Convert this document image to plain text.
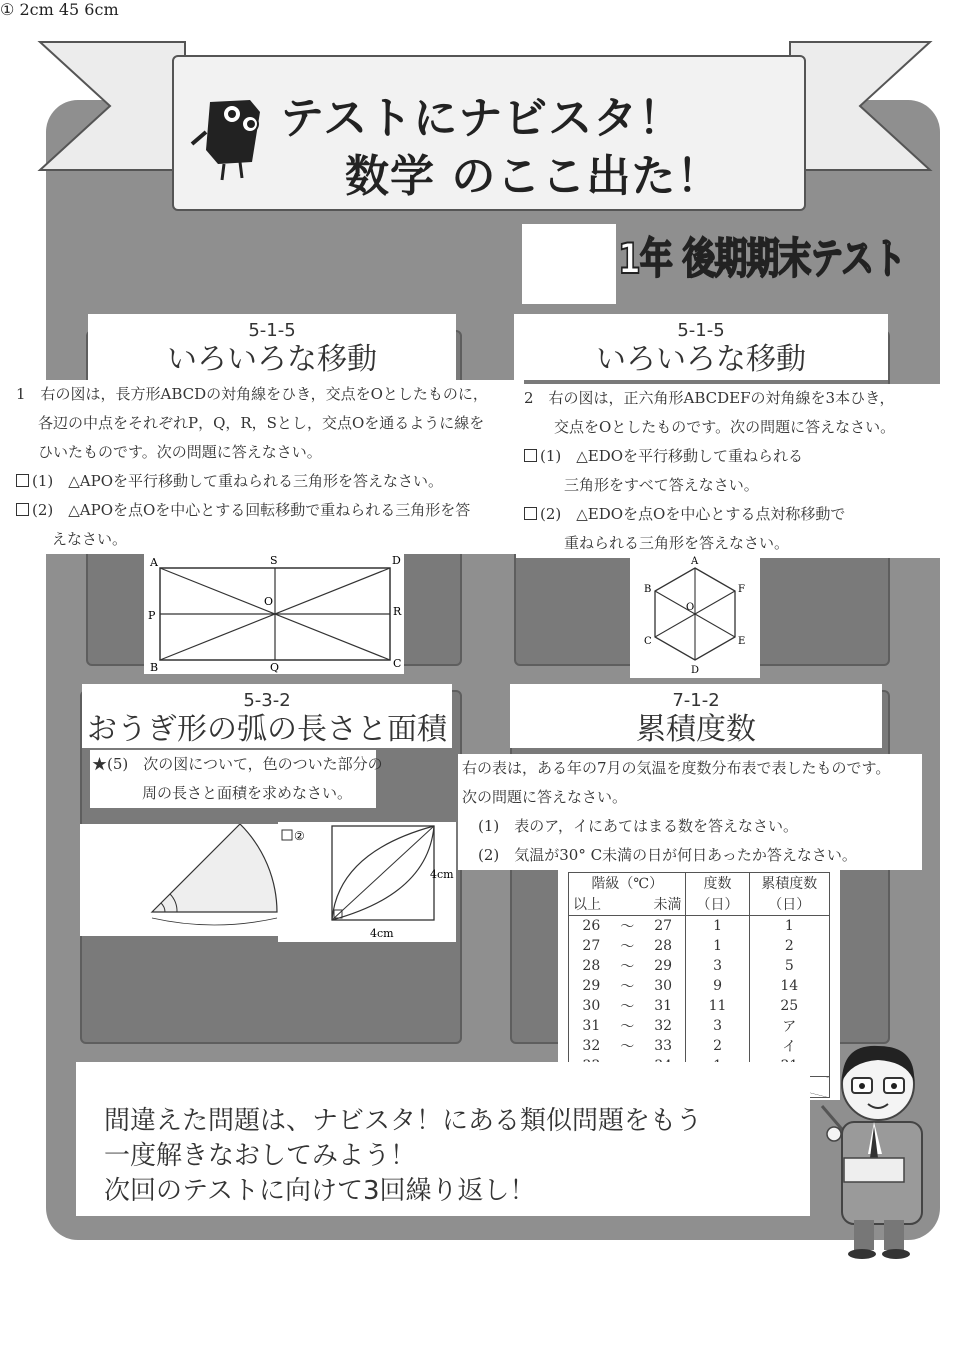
テストにナビスタ！
数学 のここ出た！
1年 後期期末テスト
5-1-5
いろいろな移動

1　右の図は，長方形ABCDの対角線をひき，交点をOとしたものに，

各辺の中点をそれぞれP，Q，R，Sとし，交点Oを通るように線を

ひいたものです。次の問題に答えなさい。

(1)　△APOを平行移動して重ねられる三角形を答えなさい。

(2)　△APOを点Oを中心とする回転移動で重ねられる三角形を答

えなさい。

A	S	D
P
O
R
B	Q	C
5-1-5
いろいろな移動

2　右の図は，正六角形ABCDEFの対角線を3本ひき，

交点をOとしたものです。次の問題に答えなさい。

(1)　△EDOを平行移動して重ねられる

三角形をすべて答えなさい。

(2)　△EDOを点Oを中心とする点対称移動で

重ねられる三角形を答えなさい。

A
B	F
O
C	E
D
5-3-2
おうぎ形の弧の長さと面積

★(5)　次の図について，色のついた部分の

周の長さと面積を求めなさい。

① 2cm 45 6cm
②
4cm
4cm
7-1-2
累積度数

右の表は，ある年の7月の気温を度数分布表で表したものです。

次の問題に答えなさい。

(1)　表のア，イにあてはまる数を答えなさい。

(2)　気温が30° C未満の日が何日あったか答えなさい。

階級（℃）			度数	累積度数
以上		未満	（日）	（日）
26	～	27	1	1
27	～	28	1	2
28	～	29	3	5
29	～	30	9	14
30	～	31	11	25
31	～	32	3	ア
32	～	33	2	イ

間違えた問題は、ナビスタ！にある類似問題をもう

一度解きなおしてみよう！

次回のテストに向けて3回繰り返し！
